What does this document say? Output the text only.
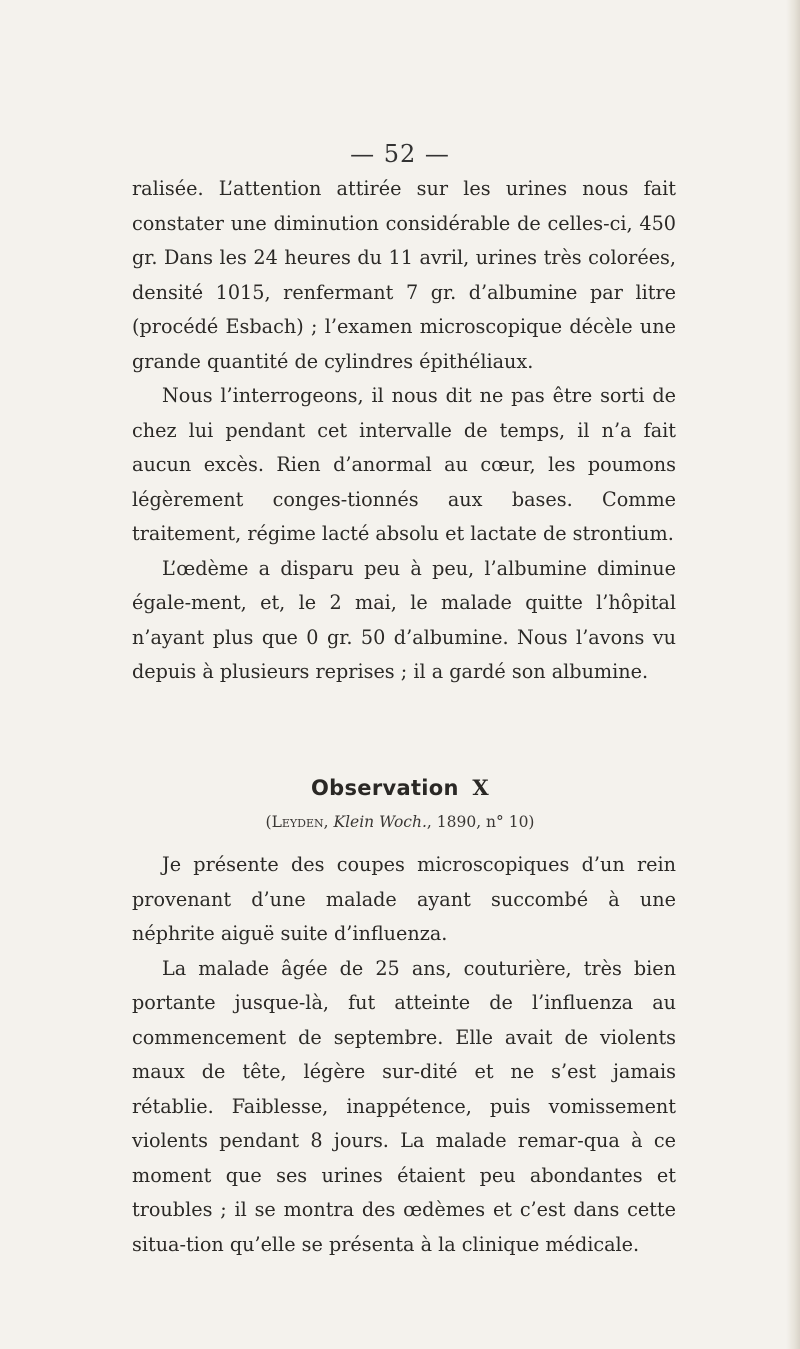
— 52 —

ralisée. L’attention attirée sur les urines nous fait constater une diminution considérable de celles-ci, 450 gr. Dans les 24 heures du 11 avril, urines très colorées, densité 1015, renfermant 7 gr. d’albumine par litre (procédé Esbach) ; l’examen microscopique décèle une grande quantité de cylindres épithéliaux.

Nous l’interrogeons, il nous dit ne pas être sorti de chez lui pendant cet intervalle de temps, il n’a fait aucun excès. Rien d’anormal au cœur, les poumons légèrement conges-tionnés aux bases. Comme traitement, régime lacté absolu et lactate de strontium.

L’œdème a disparu peu à peu, l’albumine diminue égale-ment, et, le 2 mai, le malade quitte l’hôpital n’ayant plus que 0 gr. 50 d’albumine. Nous l’avons vu depuis à plusieurs reprises ; il a gardé son albumine.

Observation X
(Leyden, Klein Woch., 1890, n° 10)

Je présente des coupes microscopiques d’un rein provenant d’une malade ayant succombé à une néphrite aiguë suite d’influenza.

La malade âgée de 25 ans, couturière, très bien portante jusque-là, fut atteinte de l’influenza au commencement de septembre. Elle avait de violents maux de tête, légère sur-dité et ne s’est jamais rétablie. Faiblesse, inappétence, puis vomissement violents pendant 8 jours. La malade remar-qua à ce moment que ses urines étaient peu abondantes et troubles ; il se montra des œdèmes et c’est dans cette situa-tion qu’elle se présenta à la clinique médicale.
